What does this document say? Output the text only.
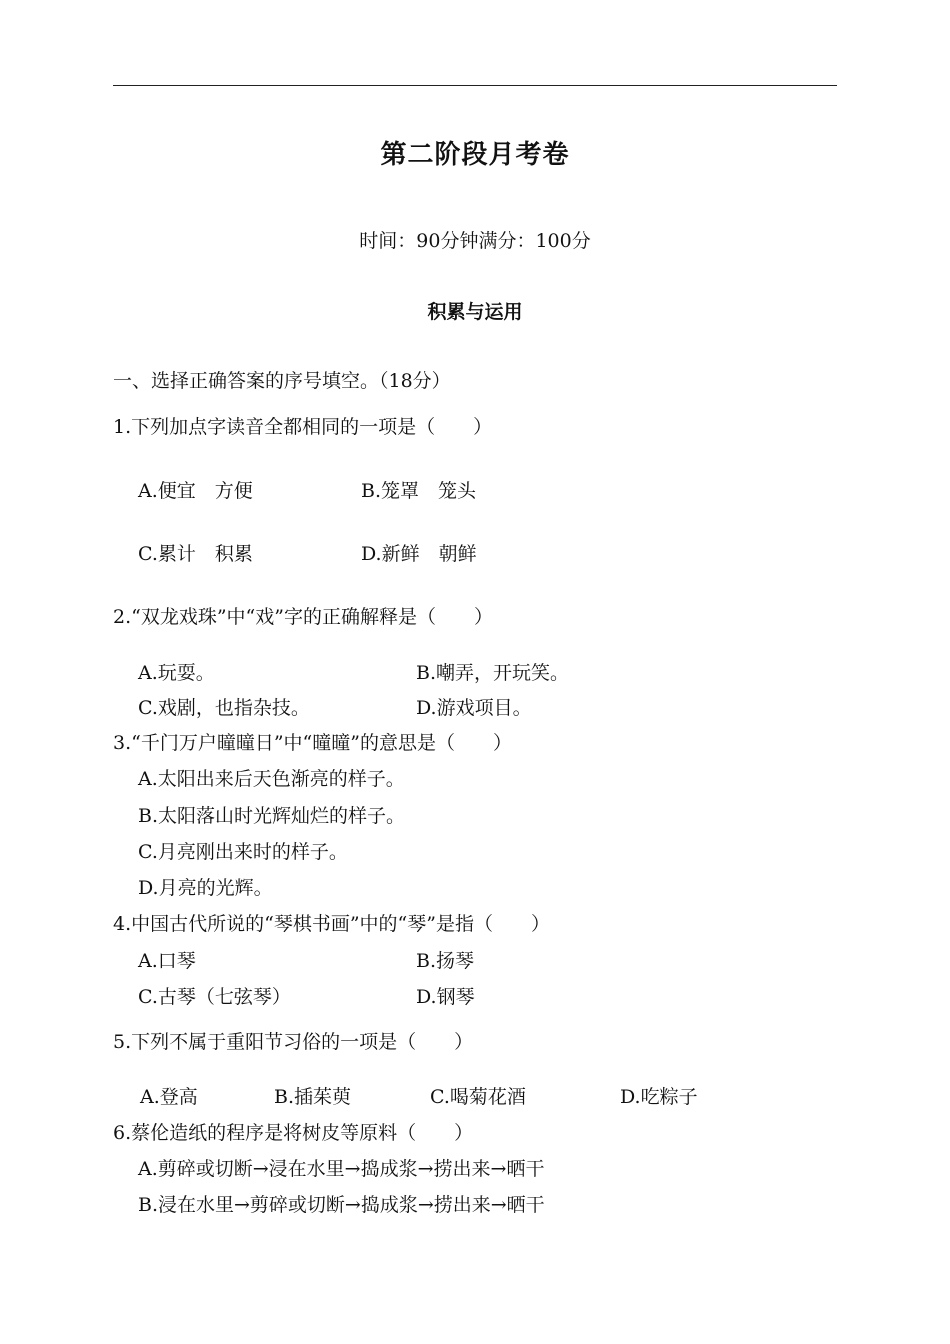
第二阶段月考卷
时间：90分钟满分：100分
积累与运用
一、选择正确答案的序号填空。（18分）
1.下列加点字读音全都相同的一项是（　　）
A.便宜　方便	B.笼罩　笼头
C.累计　积累	D.新鲜　朝鲜
2.“双龙戏珠”中“戏”字的正确解释是（　　）
A.玩耍。	B.嘲弄，开玩笑。
C.戏剧，也指杂技。	D.游戏项目。
3.“千门万户曈曈日”中“曈曈”的意思是（　　）
A.太阳出来后天色渐亮的样子。
B.太阳落山时光辉灿烂的样子。
C.月亮刚出来时的样子。
D.月亮的光辉。
4.中国古代所说的“琴棋书画”中的“琴”是指（　　）
A.口琴	B.扬琴
C.古琴（七弦琴）	D.钢琴
5.下列不属于重阳节习俗的一项是（　　）
A.登高	B.插茱萸	C.喝菊花酒	D.吃粽子
6.蔡伦造纸的程序是将树皮等原料（　　）
A.剪碎或切断→浸在水里→捣成浆→捞出来→晒干
B.浸在水里→剪碎或切断→捣成浆→捞出来→晒干
